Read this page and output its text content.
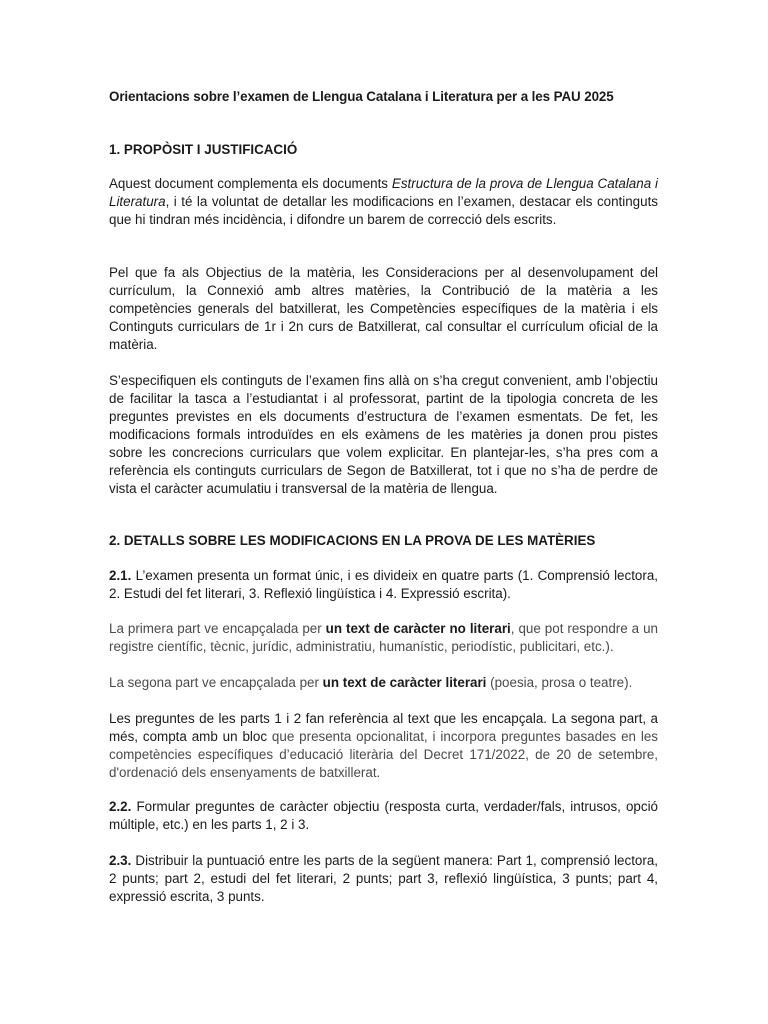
Orientacions sobre l’examen de Llengua Catalana i Literatura per a les PAU 2025
1. PROPÒSIT I JUSTIFICACIÓ

Aquest document complementa els documents Estructura de la prova de Llengua Catalana i Literatura, i té la voluntat de detallar les modificacions en l’examen, destacar els continguts que hi tindran més incidència, i difondre un barem de correcció dels escrits.

Pel que fa als Objectius de la matèria, les Consideracions per al desenvolupament del currículum, la Connexió amb altres matèries, la Contribució de la matèria a les competències generals del batxillerat, les Competències específiques de la matèria i els Continguts curriculars de 1r i 2n curs de Batxillerat, cal consultar el currículum oficial de la matèria.

S’especifiquen els continguts de l’examen fins allà on s’ha cregut convenient, amb l’objectiu de facilitar la tasca a l’estudiantat i al professorat, partint de la tipologia concreta de les preguntes previstes en els documents d’estructura de l’examen esmentats. De fet, les modificacions formals introduïdes en els exàmens de les matèries ja donen prou pistes sobre les concrecions curriculars que volem explicitar. En plantejar-les, s’ha pres com a referència els continguts curriculars de Segon de Batxillerat, tot i que no s’ha de perdre de vista el caràcter acumulatiu i transversal de la matèria de llengua.

2. DETALLS SOBRE LES MODIFICACIONS EN LA PROVA DE LES MATÈRIES

2.1. L’examen presenta un format únic, i es divideix en quatre parts (1. Comprensió lectora, 2. Estudi del fet literari, 3. Reflexió lingüística i 4. Expressió escrita).

La primera part ve encapçalada per un text de caràcter no literari, que pot respondre a un registre científic, tècnic, jurídic, administratiu, humanístic, periodístic, publicitari, etc.).

La segona part ve encapçalada per un text de caràcter literari (poesia, prosa o teatre).

Les preguntes de les parts 1 i 2 fan referència al text que les encapçala. La segona part, a més, compta amb un bloc que presenta opcionalitat, i incorpora preguntes basades en les competències específiques d’educació literària del Decret 171/2022, de 20 de setembre, d'ordenació dels ensenyaments de batxillerat.

2.2. Formular preguntes de caràcter objectiu (resposta curta, verdader/fals, intrusos, opció múltiple, etc.) en les parts 1, 2 i 3.

2.3. Distribuir la puntuació entre les parts de la següent manera: Part 1, comprensió lectora, 2 punts; part 2, estudi del fet literari, 2 punts; part 3, reflexió lingüística, 3 punts; part 4, expressió escrita, 3 punts.
